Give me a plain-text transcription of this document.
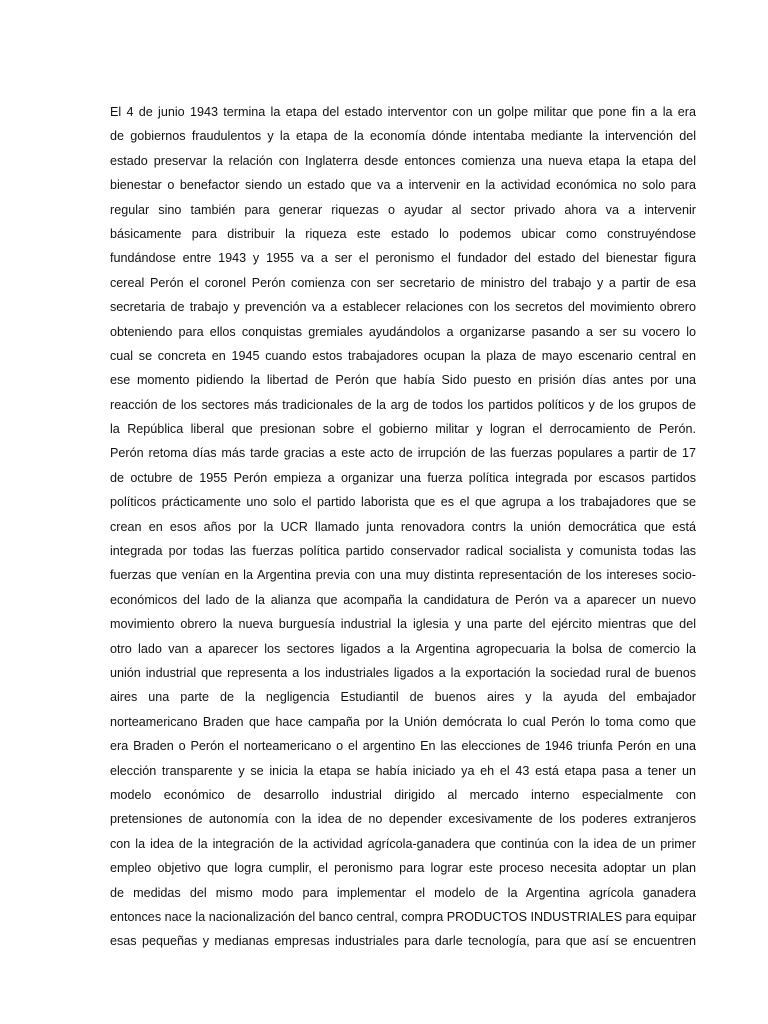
El 4 de junio 1943 termina la etapa del estado interventor con un golpe militar que pone fin a la era
de gobiernos fraudulentos y la etapa de la economía dónde intentaba mediante la intervención del
estado preservar la relación con Inglaterra desde entonces comienza una nueva etapa la etapa del
bienestar o benefactor siendo un estado que va a intervenir en la actividad económica no solo para
regular sino también para generar riquezas o ayudar al sector privado ahora va a intervenir
básicamente para distribuir la riqueza este estado lo podemos ubicar como construyéndose
fundándose entre 1943 y 1955 va a ser el peronismo el fundador del estado del bienestar figura
cereal Perón el coronel Perón comienza con ser secretario de ministro del trabajo y a partir de esa
secretaria de trabajo y prevención va a establecer relaciones con los secretos del movimiento obrero
obteniendo para ellos conquistas gremiales ayudándolos a organizarse pasando a ser su vocero lo
cual se concreta en 1945 cuando estos trabajadores ocupan la plaza de mayo escenario central en
ese momento pidiendo la libertad de Perón que había Sido puesto en prisión días antes por una
reacción de los sectores más tradicionales de la arg de todos los partidos políticos y de los grupos de
la República liberal que presionan sobre el gobierno militar y logran el derrocamiento de Perón.
Perón retoma días más tarde gracias a este acto de irrupción de las fuerzas populares a partir de 17
de octubre de 1955 Perón empieza a organizar una fuerza política integrada por escasos partidos
políticos prácticamente uno solo el partido laborista que es el que agrupa a los trabajadores que se
crean en esos años por la UCR llamado junta renovadora contrs la unión democrática que está
integrada por todas las fuerzas política partido conservador radical socialista y comunista todas las
fuerzas que venían en la Argentina previa con una muy distinta representación de los intereses socio-
económicos del lado de la alianza que acompaña la candidatura de Perón va a aparecer un nuevo
movimiento obrero la nueva burguesía industrial la iglesia y una parte del ejército mientras que del
otro lado van a aparecer los sectores ligados a la Argentina agropecuaria la bolsa de comercio la
unión industrial que representa a los industriales ligados a la exportación la sociedad rural de buenos
aires una parte de la negligencia Estudiantil de buenos aires y la ayuda del embajador
norteamericano Braden que hace campaña por la Unión demócrata lo cual Perón lo toma como que
era Braden o Perón el norteamericano o el argentino En las elecciones de 1946 triunfa Perón en una
elección transparente y se inicia la etapa se había iniciado ya eh el 43 está etapa pasa a tener un
modelo económico de desarrollo industrial dirigido al mercado interno especialmente con
pretensiones de autonomía con la idea de no depender excesivamente de los poderes extranjeros
con la idea de la integración de la actividad agrícola-ganadera que continúa con la idea de un primer
empleo objetivo que logra cumplir, el peronismo para lograr este proceso necesita adoptar un plan
de medidas del mismo modo para implementar el modelo de la Argentina agrícola ganadera
entonces nace la nacionalización del banco central, compra PRODUCTOS INDUSTRIALES para equipar
esas pequeñas y medianas empresas industriales para darle tecnología, para que así se encuentren
